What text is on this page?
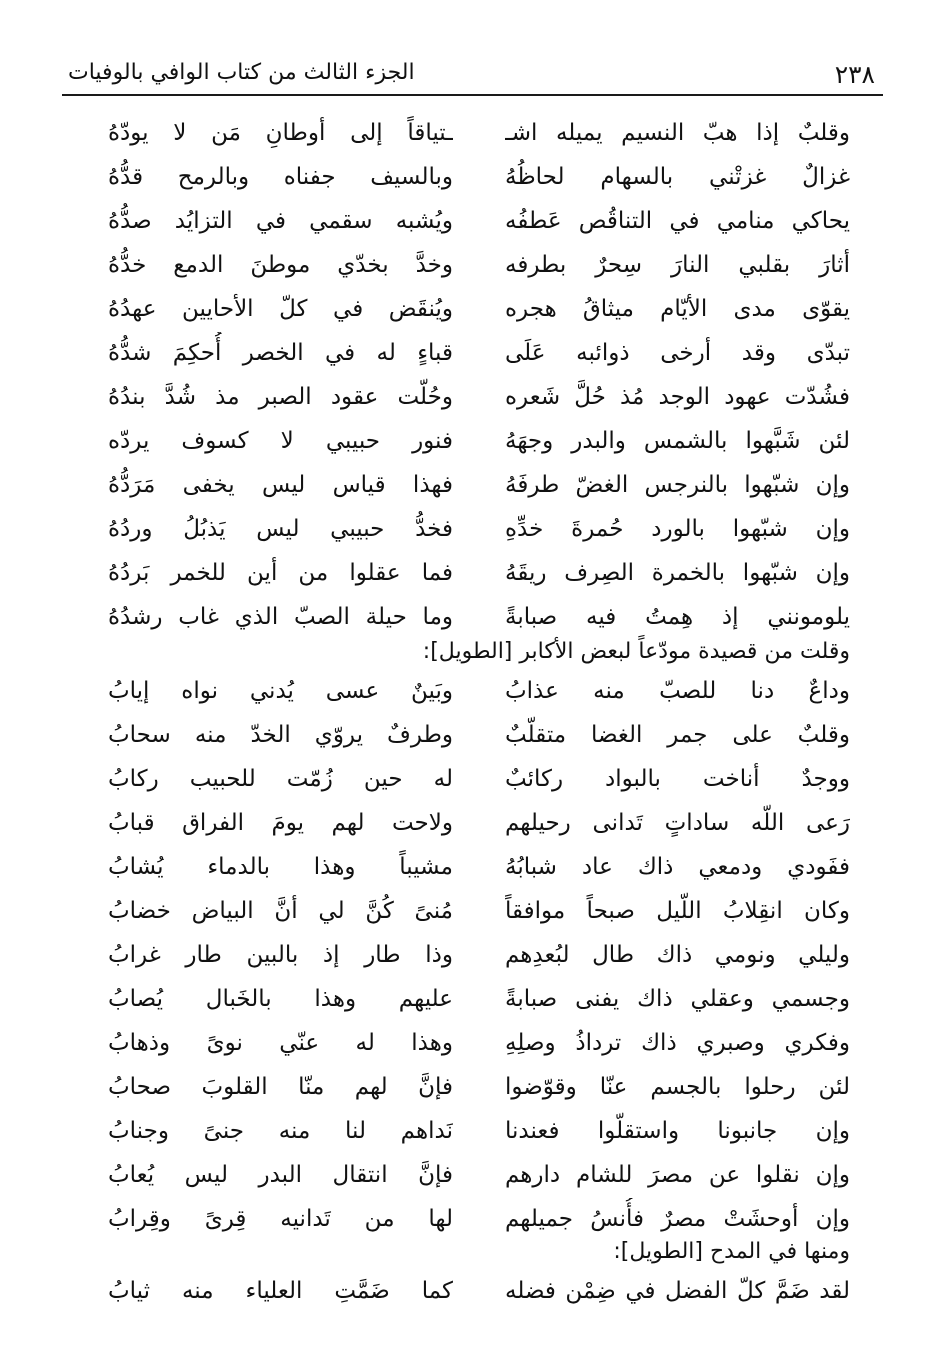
٢٣٨
الجزء الثالث من كتاب الوافي بالوفيات
وقلبٌ إذا هبّ النسيم يميله اشـ
ـتياقاً إلى أوطانِ مَن لا يودّهُ
غزالٌ غزتْني بالسهام لحاظُهُ
وبالسيف جفناه وبالرمح قدُّهُ
يحاكي منامي في التناقُص عَطفُه
ويُشبه سقمي في التزايُد صدُّهُ
أثارَ بقلبي النارَ سِحرٌ بطرفه
وخدَّ بخدّي موطنَ الدمع خدُّهُ
يقوّى مدى الأيّام ميثاقُ هجره
ويُنقَض في كلّ الأحايين عهدُهُ
تبدّى وقد أرخى ذوائبه عَلَى
قباءٍ له في الخصر أُحكِمَ شدُّهُ
فشُدّت عهود الوجد مُذ حُلَّ شَعره
وحُلّت عقود الصبر مذ شُدَّ بندُهُ
لئن شَبَّهوا بالشمس والبدر وجهَهُ
فنور حبيبي لا كسوف يردّه
وإن شبّهوا بالنرجس الغضّ طرفَهُ
فهذا قياس ليس يخفى مَرَدُّهُ
وإن شبّهوا بالورد حُمرةَ خدِّهِ
فخدُّ حبيبي ليس يَذبُلُ وردُهُ
وإن شبّهوا بالخمرة الصِرف ريقَهُ
فما عقلوا من أين للخمر بَردُهُ
يلومونني إذ هِمتُ فيه صبابةً
وما حيلة الصبّ الذي غاب رشدُهُ
وقلت من قصيدة مودّعاً لبعض الأكابر [الطويل]:
وداعٌ دنا للصبّ منه عذابُ
وبَينٌ عسى يُدني نواه إيابُ
وقلبٌ على جمر الغضا متقلّبٌ
وطرفٌ يروّي الخدّ منه سحابُ
ووجدٌ أناخت بالبواد ركائبٌ
له حين زُمّت للحبيب ركابُ
رَعى اللّه ساداتٍ تَدانى رحيلهم
ولاحت لهم يومَ الفراق قبابُ
ففَودي ودمعي ذاك عاد شبابُهُ
مشيباً وهذا بالدماء يُشابُ
وكان انقِلابُ اللّيل صبحاً موافقاً
مُنىً كُنَّ لي أنَّ البياض خضابُ
وليلي ونومي ذاك طال لبُعدِهم
وذا طار إذ بالبين طار غرابُ
وجسمي وعقلي ذاك يفنى صبابةً
عليهم وهذا بالخَبال يُصابُ
وفكري وصبري ذاك ترداذُ وصلِهِ
وهذا له عنّي نوىً وذهابُ
لئن رحلوا بالجسم عنّا وقوّضوا
فإنَّ لهم منّا القلوبَ صحابُ
وإن جانبونا واستقلّوا فعندنا
نَداهم لنا منه جنىً وجنابُ
وإن نقلوا عن مصرَ للشام دارهم
فإنَّ انتقال البدر ليس يُعابُ
وإن أوحشَتْ مصرٌ فأُنسُ جميلهم
لها من تَدانيه قِرىً وقِرابُ
ومنها في المدح [الطويل]:
لقد ضَمَّ كلّ الفضل في ضِمْن فضله
كما ضَمَّتِ العلياء منه ثيابُ
